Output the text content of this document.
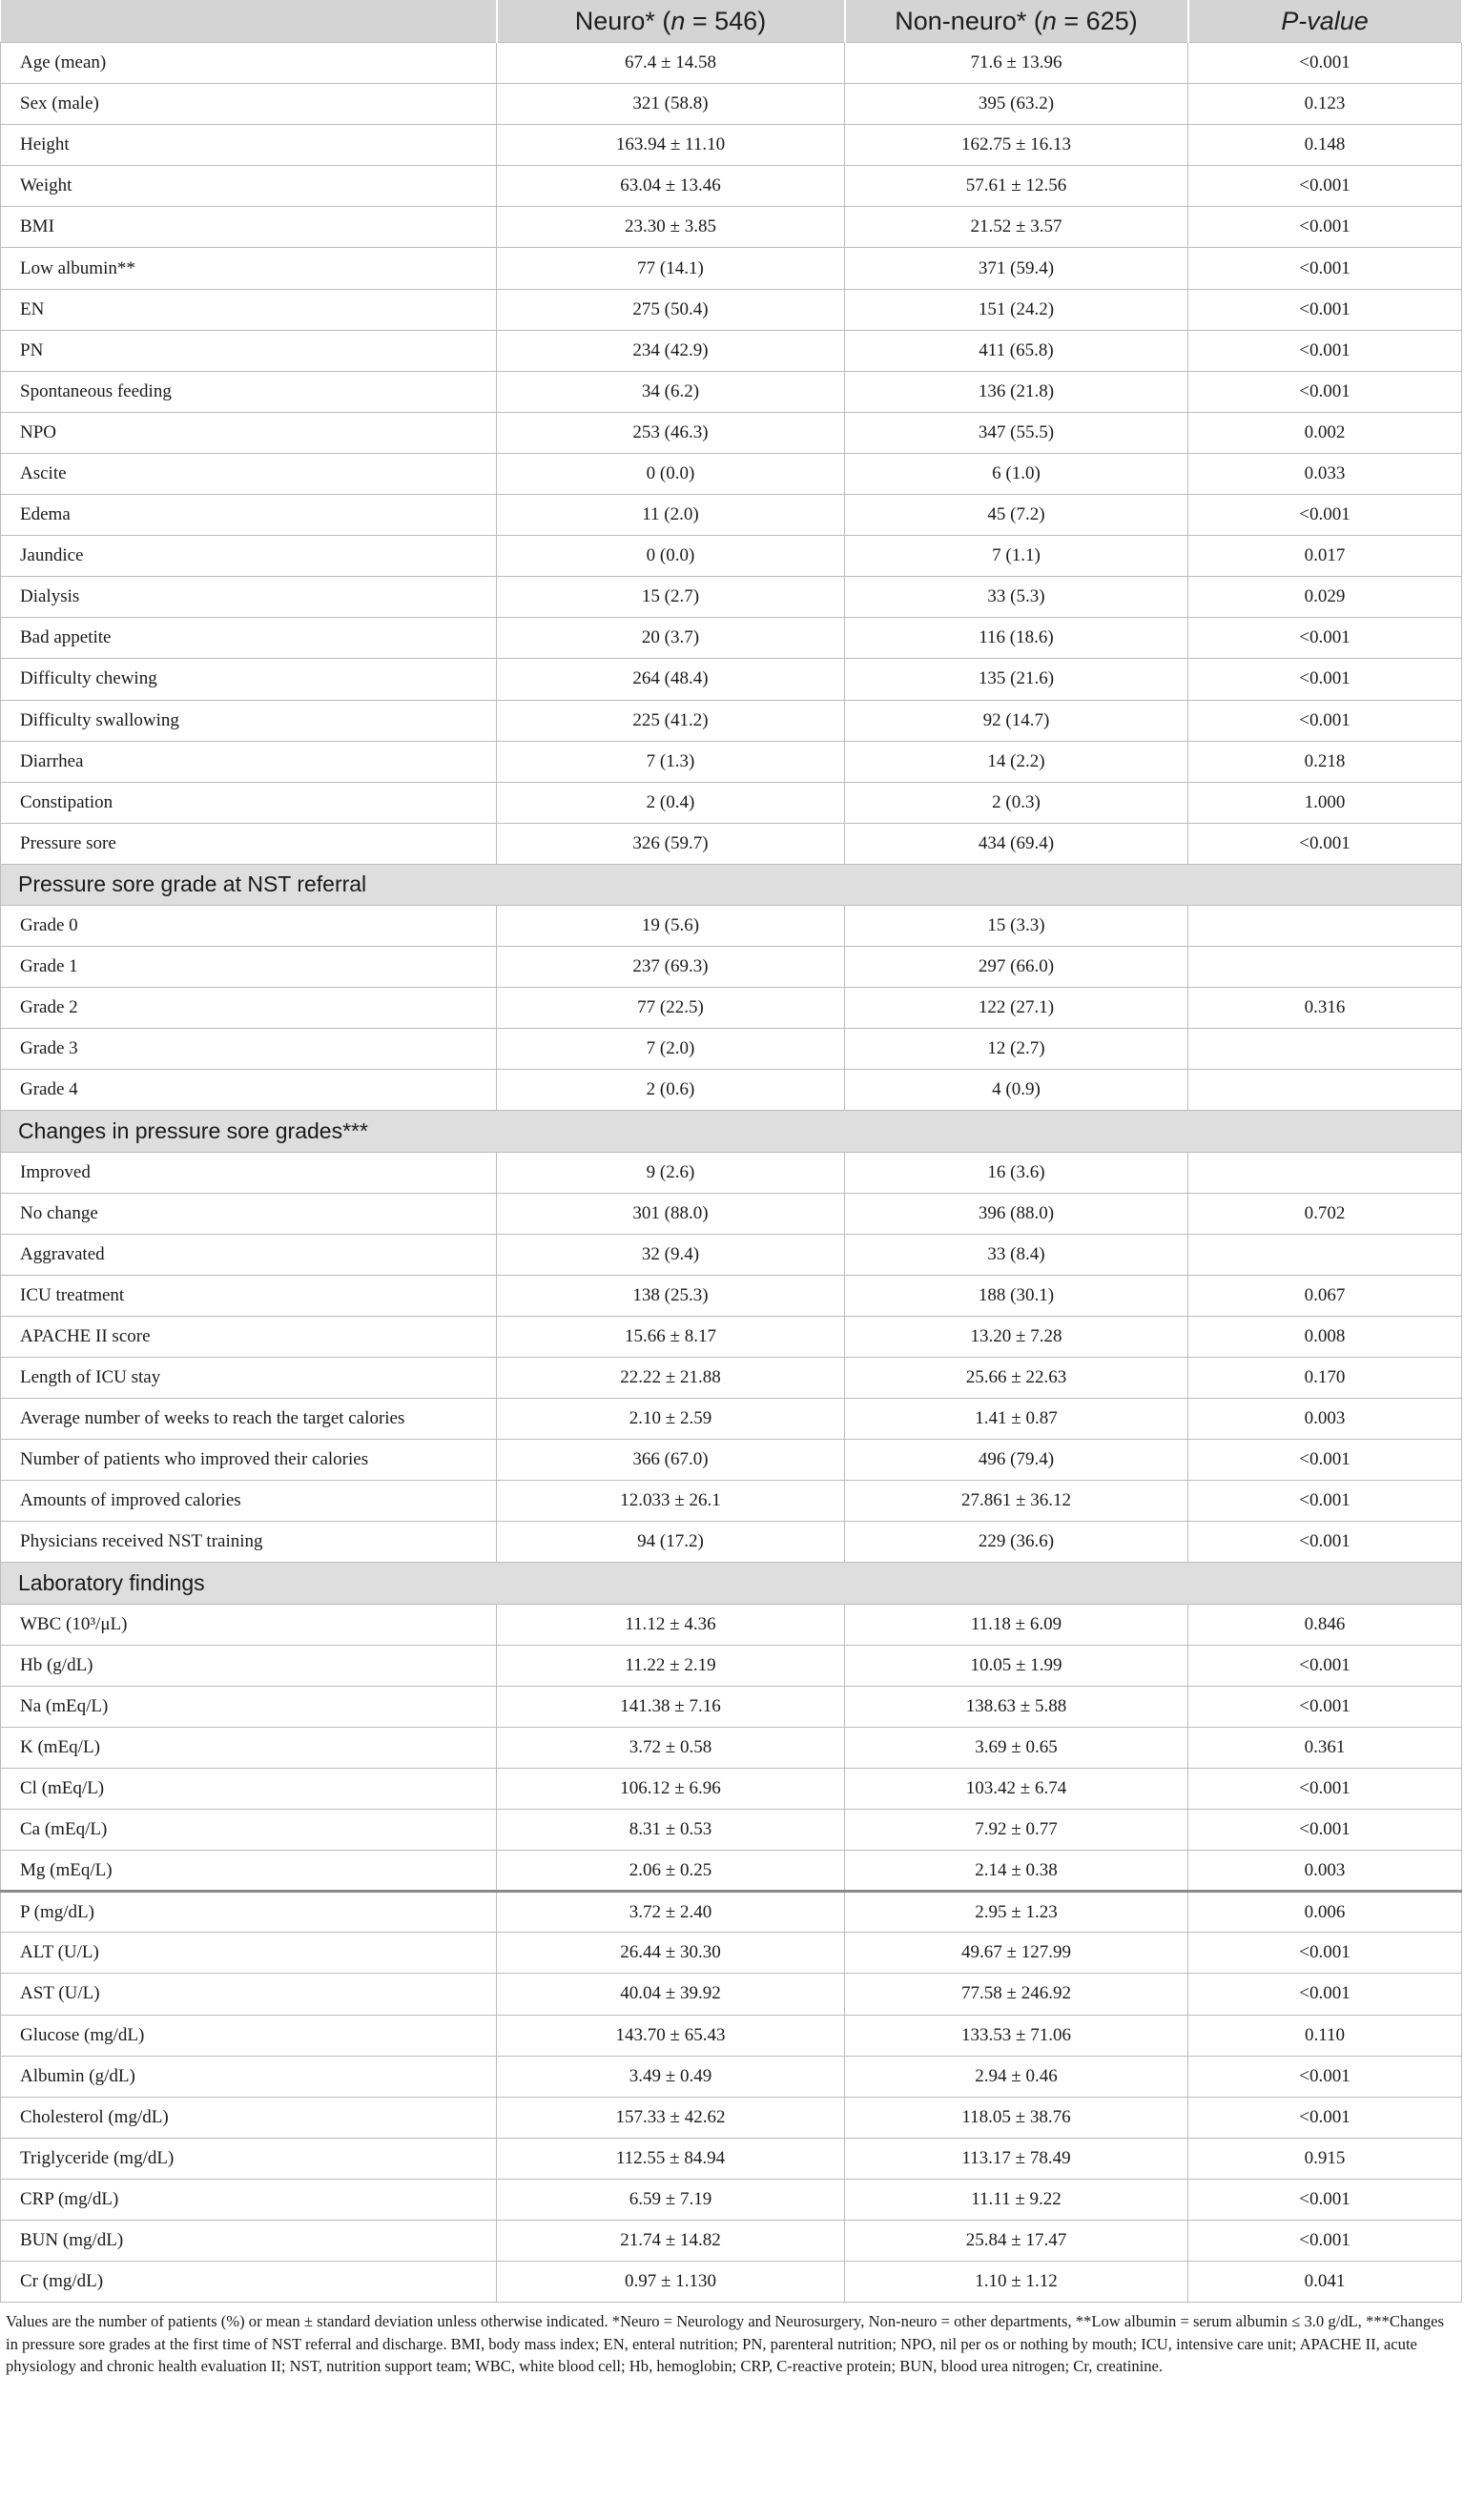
	Neuro* (n = 546)	Non-neuro* (n = 625)	P-value
Age (mean)	67.4 ± 14.58	71.6 ± 13.96	<0.001
Sex (male)	321 (58.8)	395 (63.2)	0.123
Height	163.94 ± 11.10	162.75 ± 16.13	0.148
Weight	63.04 ± 13.46	57.61 ± 12.56	<0.001
BMI	23.30 ± 3.85	21.52 ± 3.57	<0.001
Low albumin**	77 (14.1)	371 (59.4)	<0.001
EN	275 (50.4)	151 (24.2)	<0.001
PN	234 (42.9)	411 (65.8)	<0.001
Spontaneous feeding	34 (6.2)	136 (21.8)	<0.001
NPO	253 (46.3)	347 (55.5)	0.002
Ascite	0 (0.0)	6 (1.0)	0.033
Edema	11 (2.0)	45 (7.2)	<0.001
Jaundice	0 (0.0)	7 (1.1)	0.017
Dialysis	15 (2.7)	33 (5.3)	0.029
Bad appetite	20 (3.7)	116 (18.6)	<0.001
Difficulty chewing	264 (48.4)	135 (21.6)	<0.001
Difficulty swallowing	225 (41.2)	92 (14.7)	<0.001
Diarrhea	7 (1.3)	14 (2.2)	0.218
Constipation	2 (0.4)	2 (0.3)	1.000
Pressure sore	326 (59.7)	434 (69.4)	<0.001
Pressure sore grade at NST referral			
Grade 0	19 (5.6)	15 (3.3)	
Grade 1	237 (69.3)	297 (66.0)	
Grade 2	77 (22.5)	122 (27.1)	0.316
Grade 3	7 (2.0)	12 (2.7)	
Grade 4	2 (0.6)	4 (0.9)	
Changes in pressure sore grades***			
Improved	9 (2.6)	16 (3.6)	
No change	301 (88.0)	396 (88.0)	0.702
Aggravated	32 (9.4)	33 (8.4)	
ICU treatment	138 (25.3)	188 (30.1)	0.067
APACHE II score	15.66 ± 8.17	13.20 ± 7.28	0.008
Length of ICU stay	22.22 ± 21.88	25.66 ± 22.63	0.170
Average number of weeks to reach the target calories	2.10 ± 2.59	1.41 ± 0.87	0.003
Number of patients who improved their calories	366 (67.0)	496 (79.4)	<0.001
Amounts of improved calories	12.033 ± 26.1	27.861 ± 36.12	<0.001
Physicians received NST training	94 (17.2)	229 (36.6)	<0.001
Laboratory findings			
WBC (10³/μL)	11.12 ± 4.36	11.18 ± 6.09	0.846
Hb (g/dL)	11.22 ± 2.19	10.05 ± 1.99	<0.001
Na (mEq/L)	141.38 ± 7.16	138.63 ± 5.88	<0.001
K (mEq/L)	3.72 ± 0.58	3.69 ± 0.65	0.361
Cl (mEq/L)	106.12 ± 6.96	103.42 ± 6.74	<0.001
Ca (mEq/L)	8.31 ± 0.53	7.92 ± 0.77	<0.001
Mg (mEq/L)	2.06 ± 0.25	2.14 ± 0.38	0.003
P (mg/dL)	3.72 ± 2.40	2.95 ± 1.23	0.006
ALT (U/L)	26.44 ± 30.30	49.67 ± 127.99	<0.001
AST (U/L)	40.04 ± 39.92	77.58 ± 246.92	<0.001
Glucose (mg/dL)	143.70 ± 65.43	133.53 ± 71.06	0.110
Albumin (g/dL)	3.49 ± 0.49	2.94 ± 0.46	<0.001
Cholesterol (mg/dL)	157.33 ± 42.62	118.05 ± 38.76	<0.001
Triglyceride (mg/dL)	112.55 ± 84.94	113.17 ± 78.49	0.915
CRP (mg/dL)	6.59 ± 7.19	11.11 ± 9.22	<0.001
BUN (mg/dL)	21.74 ± 14.82	25.84 ± 17.47	<0.001
Cr (mg/dL)	0.97 ± 1.130	1.10 ± 1.12	0.041
Values are the number of patients (%) or mean ± standard deviation unless otherwise indicated. *Neuro = Neurology and Neurosurgery, Non-neuro = other departments, **Low albumin = serum albumin ≤ 3.0 g/dL, ***Changes in pressure sore grades at the first time of NST referral and discharge. BMI, body mass index; EN, enteral nutrition; PN, parenteral nutrition; NPO, nil per os or nothing by mouth; ICU, intensive care unit; APACHE II, acute physiology and chronic health evaluation II; NST, nutrition support team; WBC, white blood cell; Hb, hemoglobin; CRP, C-reactive protein; BUN, blood urea nitrogen; Cr, creatinine.
